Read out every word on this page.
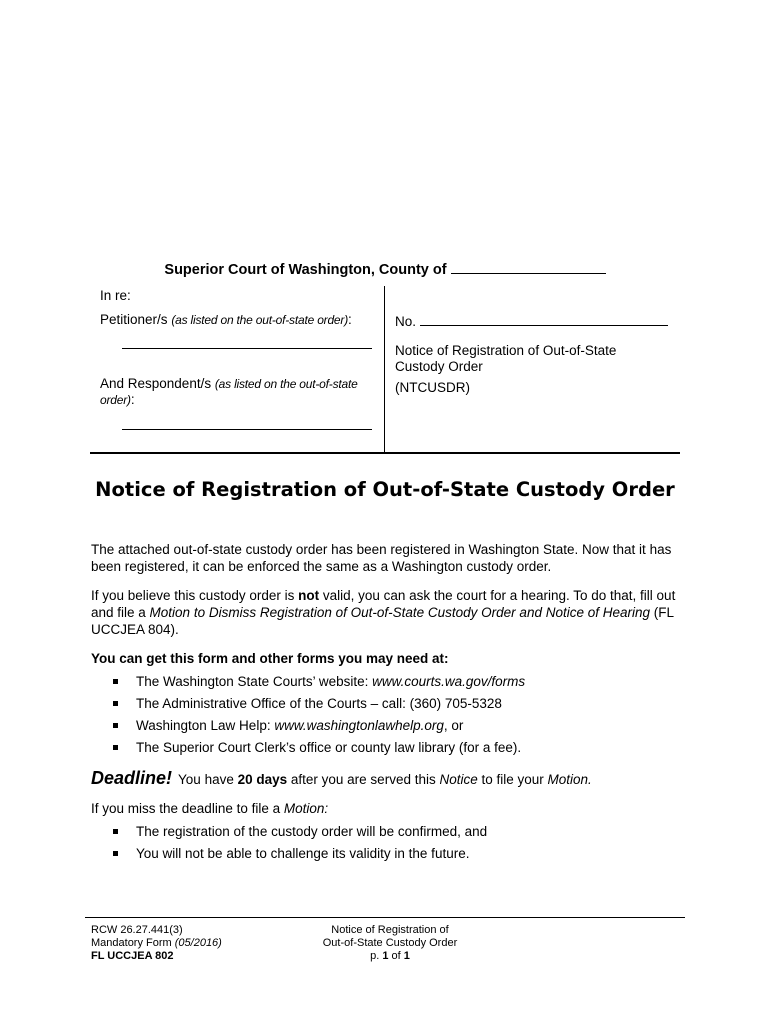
Superior Court of Washington, County of
In re:
Petitioner/s (as listed on the out-of-state order):
And Respondent/s (as listed on the out-of-state order):
No.
Notice of Registration of Out-of-State Custody Order
(NTCUSDR)
Notice of Registration of Out-of-State Custody Order

The attached out-of-state custody order has been registered in Washington State. Now that it has been registered, it can be enforced the same as a Washington custody order.

If you believe this custody order is not valid, you can ask the court for a hearing. To do that, fill out and file a Motion to Dismiss Registration of Out-of-State Custody Order and Notice of Hearing (FL UCCJEA 804).

You can get this form and other forms you may need at:
The Washington State Courts’ website: www.courts.wa.gov/forms
The Administrative Office of the Courts – call: (360) 705-5328
Washington Law Help: www.washingtonlawhelp.org, or
The Superior Court Clerk’s office or county law library (for a fee).
Deadline! You have 20 days after you are served this Notice to file your Motion.
If you miss the deadline to file a Motion:
The registration of the custody order will be confirmed, and
You will not be able to challenge its validity in the future.
RCW 26.27.441(3)
Mandatory Form (05/2016)
FL UCCJEA 802
Notice of Registration of
Out-of-State Custody Order
p. 1 of 1
